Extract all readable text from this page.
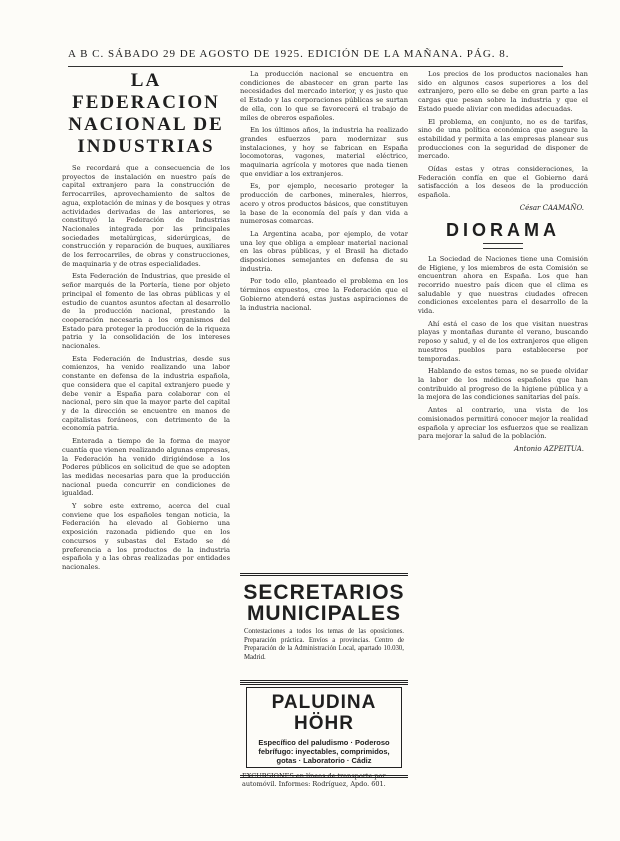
A B C. SÁBADO 29 DE AGOSTO DE 1925. EDICIÓN DE LA MAÑANA. PÁG. 8.
LA FEDERACION NACIONAL DE INDUSTRIAS

Se recordará que a consecuencia de los proyectos de instalación en nuestro país de capital extranjero para la construcción de ferrocarriles, aprovechamiento de saltos de agua, explotación de minas y de bosques y otras actividades derivadas de las anteriores, se constituyó la Federación de Industrias Nacionales integrada por las principales sociedades metalúrgicas, siderúrgicas, de construcción y reparación de buques, auxiliares de los ferrocarriles, de obras y construcciones, de maquinaria y de otras especialidades.

Esta Federación de Industrias, que preside el señor marqués de la Portería, tiene por objeto principal el fomento de las obras públicas y el estudio de cuantos asuntos afectan al desarrollo de la producción nacional, prestando la cooperación necesaria a los organismos del Estado para proteger la producción de la riqueza patria y la consolidación de los intereses nacionales.

Esta Federación de Industrias, desde sus comienzos, ha venido realizando una labor constante en defensa de la industria española, que considera que el capital extranjero puede y debe venir a España para colaborar con el nacional, pero sin que la mayor parte del capital y de la dirección se encuentre en manos de capitalistas foráneos, con detrimento de la economía patria.

Enterada a tiempo de la forma de mayor cuantía que vienen realizando algunas empresas, la Federación ha venido dirigiéndose a los Poderes públicos en solicitud de que se adopten las medidas necesarias para que la producción nacional pueda concurrir en condiciones de igualdad.

Y sobre este extremo, acerca del cual conviene que los españoles tengan noticia, la Federación ha elevado al Gobierno una exposición razonada pidiendo que en los concursos y subastas del Estado se dé preferencia a los productos de la industria española y a las obras realizadas por entidades nacionales.

La producción nacional se encuentra en condiciones de abastecer en gran parte las necesidades del mercado interior, y es justo que el Estado y las corporaciones públicas se surtan de ella, con lo que se favorecerá el trabajo de miles de obreros españoles.

En los últimos años, la industria ha realizado grandes esfuerzos para modernizar sus instalaciones, y hoy se fabrican en España locomotoras, vagones, material eléctrico, maquinaria agrícola y motores que nada tienen que envidiar a los extranjeros.

Es, por ejemplo, necesario proteger la producción de carbones, minerales, hierros, acero y otros productos básicos, que constituyen la base de la economía del país y dan vida a numerosas comarcas.

La Argentina acaba, por ejemplo, de votar una ley que obliga a emplear material nacional en las obras públicas, y el Brasil ha dictado disposiciones semejantes en defensa de su industria.

Por todo ello, planteado el problema en los términos expuestos, cree la Federación que el Gobierno atenderá estas justas aspiraciones de la industria nacional.

SECRETARIOS MUNICIPALES
Contestaciones a todos los temas de las oposiciones. Preparación práctica. Envíos a provincias. Centro de Preparación de la Administración Local, apartado 10.030, Madrid.
PALUDINA HÖHR
Específico del paludismo · Poderoso febrífugo: inyectables, comprimidos, gotas · Laboratorio · Cádiz
EXCURSIONES en líneas de transporte por automóvil. Informes: Rodríguez, Apdo. 601.

Los precios de los productos nacionales han sido en algunos casos superiores a los del extranjero, pero ello se debe en gran parte a las cargas que pesan sobre la industria y que el Estado puede aliviar con medidas adecuadas.

El problema, en conjunto, no es de tarifas, sino de una política económica que asegure la estabilidad y permita a las empresas planear sus producciones con la seguridad de disponer de mercado.

Oídas estas y otras consideraciones, la Federación confía en que el Gobierno dará satisfacción a los deseos de la producción española.

César CAAMAÑO.
DIORAMA

La Sociedad de Naciones tiene una Comisión de Higiene, y los miembros de esta Comisión se encuentran ahora en España. Los que han recorrido nuestro país dicen que el clima es saludable y que nuestras ciudades ofrecen condiciones excelentes para el desarrollo de la vida.

Ahí está el caso de los que visitan nuestras playas y montañas durante el verano, buscando reposo y salud, y el de los extranjeros que eligen nuestros pueblos para establecerse por temporadas.

Hablando de estos temas, no se puede olvidar la labor de los médicos españoles que han contribuido al progreso de la higiene pública y a la mejora de las condiciones sanitarias del país.

Antes al contrario, una vista de los comisionados permitirá conocer mejor la realidad española y apreciar los esfuerzos que se realizan para mejorar la salud de la población.

Antonio AZPEITUA.
